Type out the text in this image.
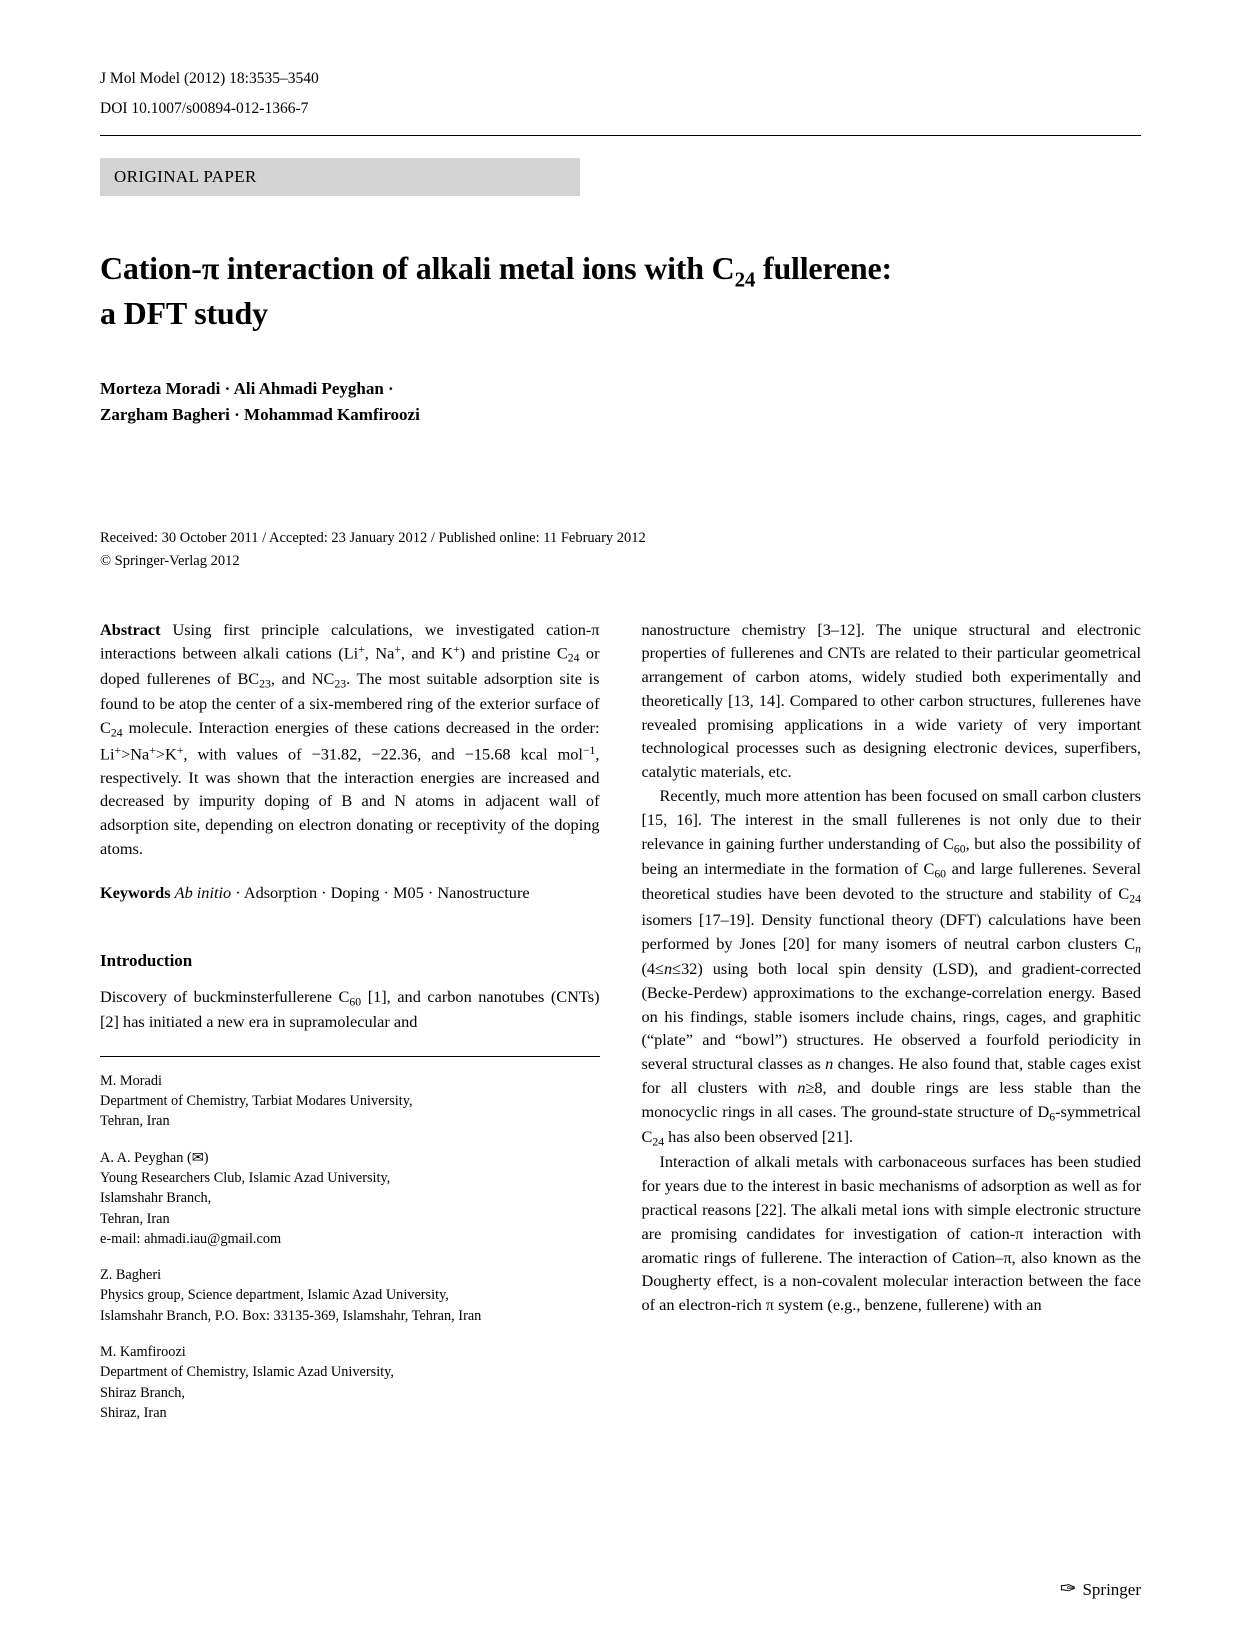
J Mol Model (2012) 18:3535–3540
DOI 10.1007/s00894-012-1366-7
ORIGINAL PAPER
Cation-π interaction of alkali metal ions with $C_{24}$ fullerene:
a DFT study
Morteza Moradi · Ali Ahmadi Peyghan ·
Zargham Bagheri · Mohammad Kamfiroozi
Received: 30 October 2011 / Accepted: 23 January 2012 / Published online: 11 February 2012
© Springer-Verlag 2012

Abstract Using first principle calculations, we investigated cation-π interactions between alkali cations (Li+, Na+, and K+) and pristine $C_{24}$ or doped fullerenes of $BC_{23}$, and $NC_{23}$. The most suitable adsorption site is found to be atop the center of a six-membered ring of the exterior surface of $C_{24}$ molecule. Interaction energies of these cations decreased in the order: Li+>Na+>K+, with values of −31.82, −22.36, and −15.68 kcal mol$^{-1}$, respectively. It was shown that the interaction energies are increased and decreased by impurity doping of B and N atoms in adjacent wall of adsorption site, depending on electron donating or receptivity of the doping atoms.

Keywords Ab initio · Adsorption · Doping · M05 · Nanostructure
Introduction

Discovery of buckminsterfullerene $C_{60}$ [1], and carbon nanotubes (CNTs) [2] has initiated a new era in supramolecular and

M. Moradi
Department of Chemistry, Tarbiat Modares University,
Tehran, Iran
A. A. Peyghan (✉)
Young Researchers Club, Islamic Azad University,
Islamshahr Branch,
Tehran, Iran
e-mail: ahmadi.iau@gmail.com
Z. Bagheri
Physics group, Science department, Islamic Azad University,
Islamshahr Branch, P.O. Box: 33135-369, Islamshahr, Tehran, Iran
M. Kamfiroozi
Department of Chemistry, Islamic Azad University,
Shiraz Branch,
Shiraz, Iran

nanostructure chemistry [3–12]. The unique structural and electronic properties of fullerenes and CNTs are related to their particular geometrical arrangement of carbon atoms, widely studied both experimentally and theoretically [13, 14]. Compared to other carbon structures, fullerenes have revealed promising applications in a wide variety of very important technological processes such as designing electronic devices, superfibers, catalytic materials, etc.

Recently, much more attention has been focused on small carbon clusters [15, 16]. The interest in the small fullerenes is not only due to their relevance in gaining further understanding of $C_{60}$, but also the possibility of being an intermediate in the formation of $C_{60}$ and large fullerenes. Several theoretical studies have been devoted to the structure and stability of $C_{24}$ isomers [17–19]. Density functional theory (DFT) calculations have been performed by Jones [20] for many isomers of neutral carbon clusters $C_n$ (4≤n≤32) using both local spin density (LSD), and gradient-corrected (Becke-Perdew) approximations to the exchange-correlation energy. Based on his findings, stable isomers include chains, rings, cages, and graphitic (“plate” and “bowl”) structures. He observed a fourfold periodicity in several structural classes as n changes. He also found that, stable cages exist for all clusters with n≥8, and double rings are less stable than the monocyclic rings in all cases. The ground-state structure of $D_6$-symmetrical $C_{24}$ has also been observed [21].

Interaction of alkali metals with carbonaceous surfaces has been studied for years due to the interest in basic mechanisms of adsorption as well as for practical reasons [22]. The alkali metal ions with simple electronic structure are promising candidates for investigation of cation-π interaction with aromatic rings of fullerene. The interaction of Cation–π, also known as the Dougherty effect, is a non-covalent molecular interaction between the face of an electron-rich π system (e.g., benzene, fullerene) with an

✑ Springer
